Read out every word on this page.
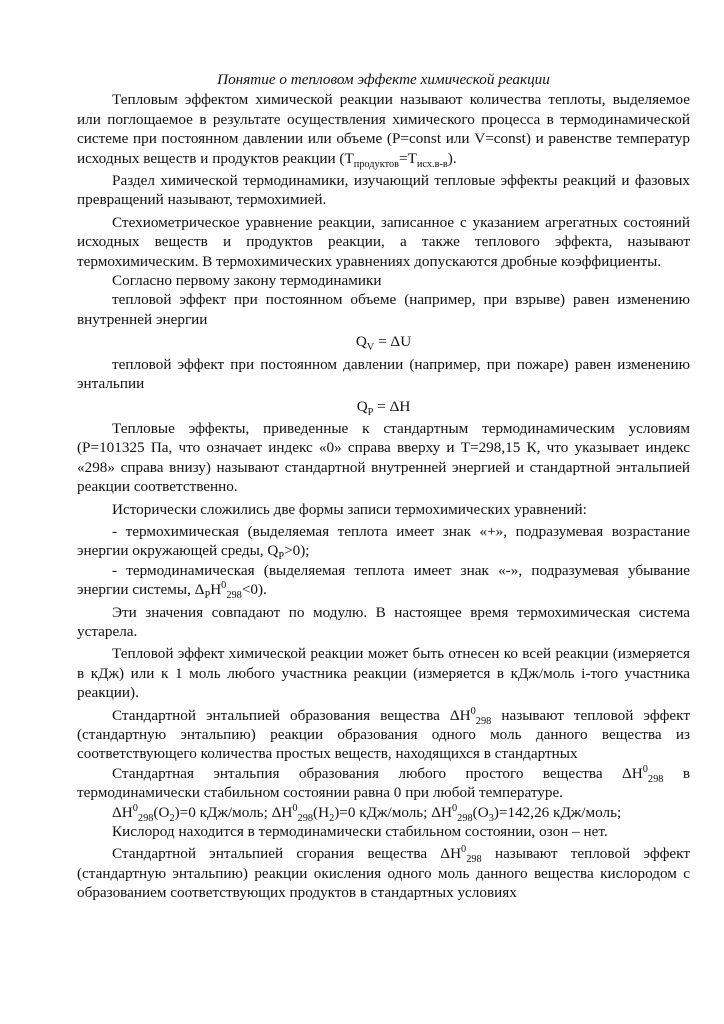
Понятие о тепловом эффекте химической реакции

Тепловым эффектом химической реакции называют количества теплоты, выделяемое или поглощаемое в результате осуществления химического процесса в термодинамической системе при постоянном давлении или объеме (P=const или V=const) и равенстве температур исходных веществ и продуктов реакции $(T_{продуктов}=T_{исх.в-в})$.

Раздел химической термодинамики, изучающий тепловые эффекты реакций и фазовых превращений называют, термохимией.

Стехиометрическое уравнение реакции, записанное с указанием агрегатных состояний исходных веществ и продуктов реакции, а также теплового эффекта, называют термохимическим. В термохимических уравнениях допускаются дробные коэффициенты.

Согласно первому закону термодинамики

тепловой эффект при постоянном объеме (например, при взрыве) равен изменению внутренней энергии

$Q_V = \Delta U$

тепловой эффект при постоянном давлении (например, при пожаре) равен изменению энтальпии

$Q_P = \Delta H$

Тепловые эффекты, приведенные к стандартным термодинамическим условиям (P=101325 Па, что означает индекс «0» справа вверху и T=298,15 К, что указывает индекс «298» справа внизу) называют стандартной внутренней энергией и стандартной энтальпией реакции соответственно.

Исторически сложились две формы записи термохимических уравнений:

- термохимическая (выделяемая теплота имеет знак «+», подразумевая возрастание энергии окружающей среды, $Q_P>0$);

- термодинамическая (выделяемая теплота имеет знак «-», подразумевая убывание энергии системы, $\Delta_PH^0_{298}<0$).

Эти значения совпадают по модулю. В настоящее время термохимическая система устарела.

Тепловой эффект химической реакции может быть отнесен ко всей реакции (измеряется в кДж) или к 1 моль любого участника реакции (измеряется в кДж/моль i-того участника реакции).

Стандартной энтальпией образования вещества $\Delta H^0_{298}$ называют тепловой эффект (стандартную энтальпию) реакции образования одного моль данного вещества из соответствующего количества простых веществ, находящихся в стандартных

Стандартная энтальпия образования любого простого вещества $\Delta H^0_{298}$ в термодинамически стабильном состоянии равна 0 при любой температуре.

$\Delta H^0_{298}(O_2)=0$ кДж/моль; $\Delta H^0_{298}(H_2)=0$ кДж/моль; $\Delta H^0_{298}(O_3)=142,26$ кДж/моль;

Кислород находится в термодинамически стабильном состоянии, озон – нет.

Стандартной энтальпией сгорания вещества $\Delta H^0_{298}$ называют тепловой эффект (стандартную энтальпию) реакции окисления одного моль данного вещества кислородом с образованием соответствующих продуктов в стандартных условиях
